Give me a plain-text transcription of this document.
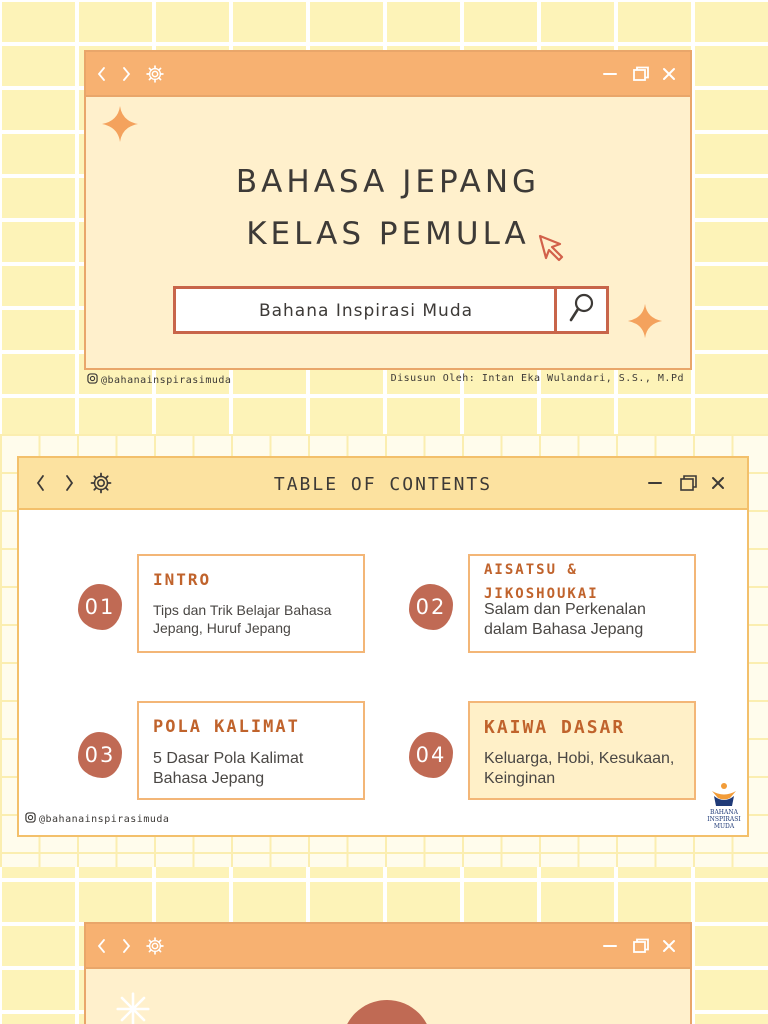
BAHASA JEPANG
KELAS PEMULA
Bahana Inspirasi Muda
@bahanainspirasimuda	Disusun Oleh: Intan Eka Wulandari, S.S., M.Pd
TABLE OF CONTENTS
01
INTRO
Tips dan Trik Belajar Bahasa Jepang, Huruf Jepang
02
AISATSU & JIKOSHOUKAI
Salam dan Perkenalan dalam Bahasa Jepang
03
POLA KALIMAT
5 Dasar Pola Kalimat Bahasa Jepang
04
KAIWA DASAR
Keluarga, Hobi, Kesukaan, Keinginan
@bahanainspirasimuda
BAHANA INSPIRASI MUDA
